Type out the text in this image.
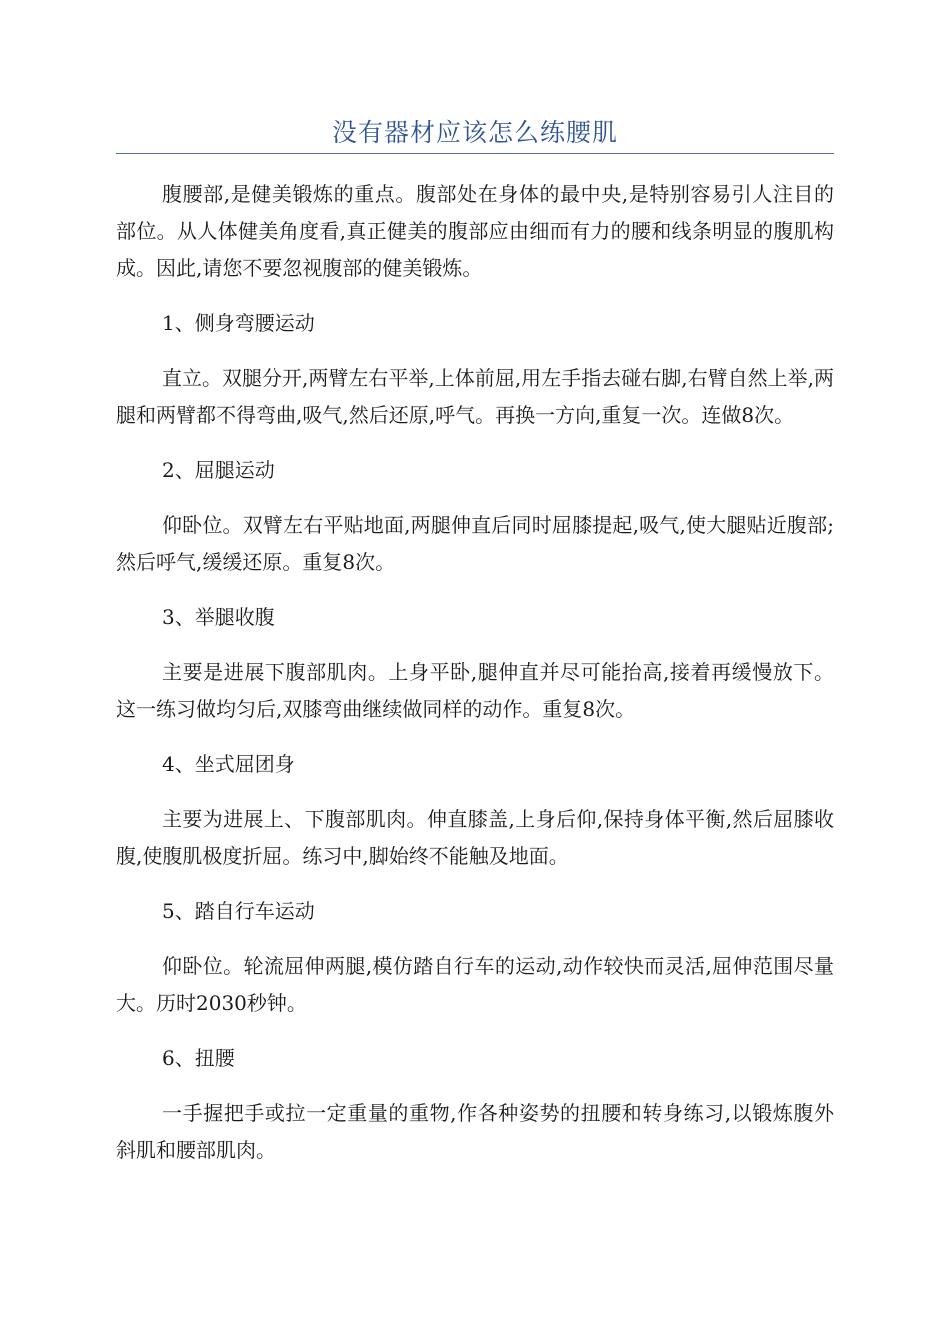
没有器材应该怎么练腰肌

腹腰部,是健美锻炼的重点。腹部处在身体的最中央,是特别容易引人注目的部位。从人体健美角度看,真正健美的腹部应由细而有力的腰和线条明显的腹肌构成。因此,请您不要忽视腹部的健美锻炼。

1、侧身弯腰运动

直立。双腿分开,两臂左右平举,上体前屈,用左手指去碰右脚,右臂自然上举,两腿和两臂都不得弯曲,吸气,然后还原,呼气。再换一方向,重复一次。连做8次。

2、屈腿运动

仰卧位。双臂左右平贴地面,两腿伸直后同时屈膝提起,吸气,使大腿贴近腹部;然后呼气,缓缓还原。重复8次。

3、举腿收腹

主要是进展下腹部肌肉。上身平卧,腿伸直并尽可能抬高,接着再缓慢放下。这一练习做均匀后,双膝弯曲继续做同样的动作。重复8次。

4、坐式屈团身

主要为进展上、下腹部肌肉。伸直膝盖,上身后仰,保持身体平衡,然后屈膝收腹,使腹肌极度折屈。练习中,脚始终不能触及地面。

5、踏自行车运动

仰卧位。轮流屈伸两腿,模仿踏自行车的运动,动作较快而灵活,屈伸范围尽量大。历时2030秒钟。

6、扭腰

一手握把手或拉一定重量的重物,作各种姿势的扭腰和转身练习,以锻炼腹外斜肌和腰部肌肉。
